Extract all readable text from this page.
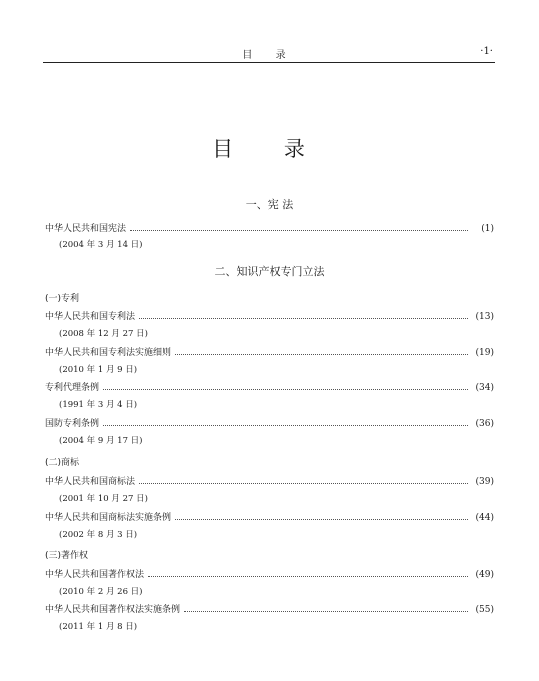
目 录	·1·
目 录
一、宪 法
中华人民共和国宪法	(1)
(2004 年 3 月 14 日)
二、知识产权专门立法
(一)专利
中华人民共和国专利法	(13)
(2008 年 12 月 27 日)
中华人民共和国专利法实施细则	(19)
(2010 年 1 月 9 日)
专利代理条例	(34)
(1991 年 3 月 4 日)
国防专利条例	(36)
(2004 年 9 月 17 日)
(二)商标
中华人民共和国商标法	(39)
(2001 年 10 月 27 日)
中华人民共和国商标法实施条例	(44)
(2002 年 8 月 3 日)
(三)著作权
中华人民共和国著作权法	(49)
(2010 年 2 月 26 日)
中华人民共和国著作权法实施条例	(55)
(2011 年 1 月 8 日)
